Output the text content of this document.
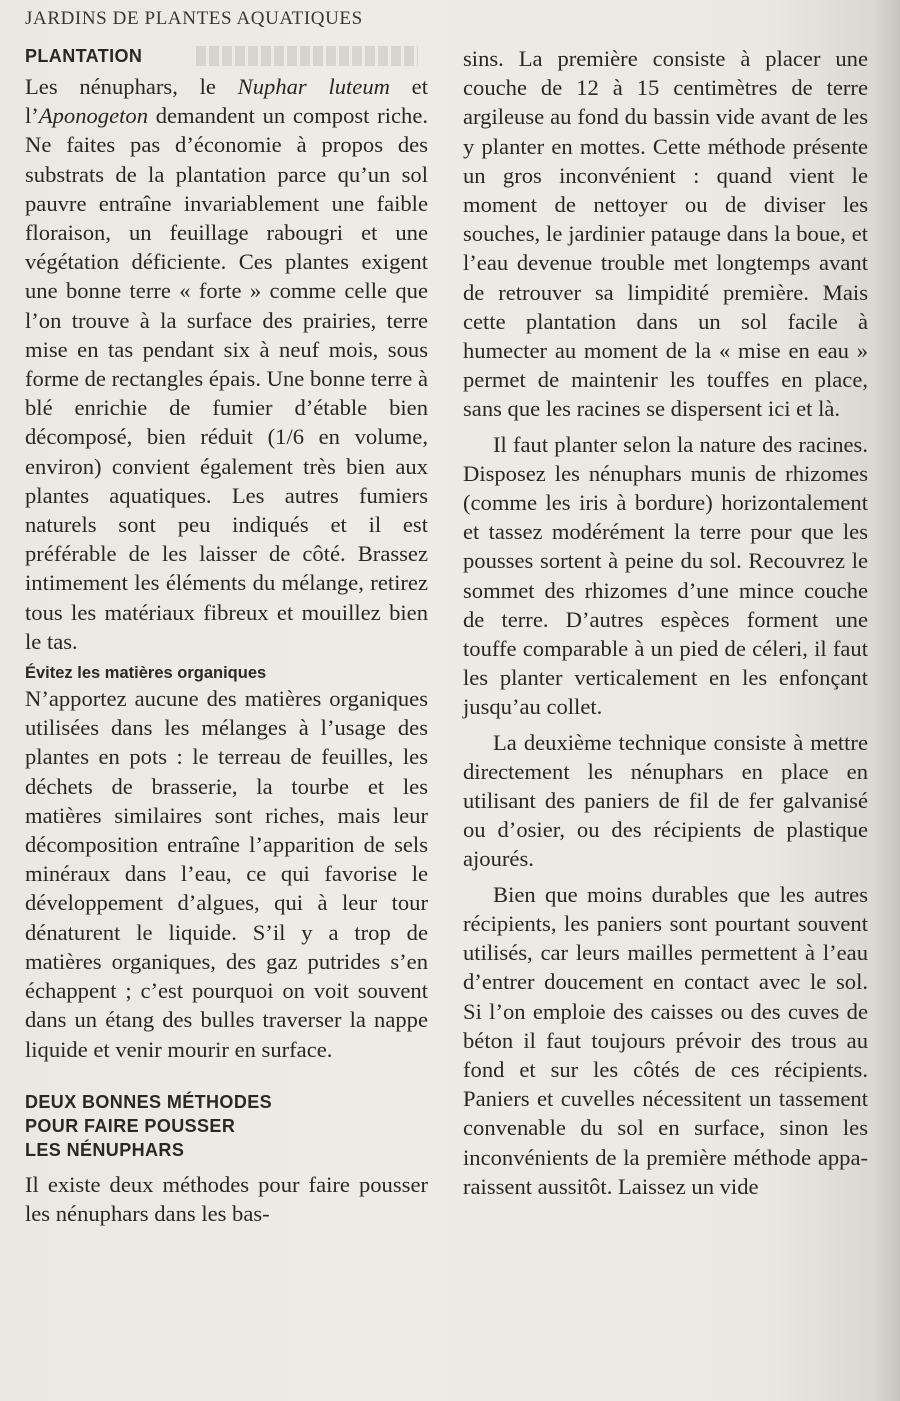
JARDINS DE PLANTES AQUATIQUES
PLANTATION

Les nénuphars, le Nuphar luteum et l’Aponogeton demandent un compost riche. Ne faites pas d’économie à propos des substrats de la plantation parce qu’un sol pauvre entraîne invariablement une faible floraison, un feuillage rabougri et une végétation déficiente. Ces plantes exigent une bonne terre « forte » comme celle que l’on trouve à la surface des prairies, terre mise en tas pendant six à neuf mois, sous forme de rectangles épais. Une bonne terre à blé enrichie de fumier d’étable bien décomposé, bien réduit (1/6 en volume, environ) convient également très bien aux plantes aquatiques. Les autres fumiers naturels sont peu indiqués et il est préférable de les laisser de côté. Brassez intimement les éléments du mélange, retirez tous les matériaux fibreux et mouillez bien le tas.

Évitez les matières organiques

N’apportez aucune des matières organiques utilisées dans les mélanges à l’usage des plantes en pots : le terreau de feuilles, les déchets de brasserie, la tourbe et les matières similaires sont riches, mais leur décomposition entraîne l’apparition de sels minéraux dans l’eau, ce qui favorise le développement d’algues, qui à leur tour dénaturent le liquide. S’il y a trop de matières organiques, des gaz putrides s’en échappent ; c’est pourquoi on voit souvent dans un étang des bulles traverser la nappe liquide et venir mourir en surface.

DEUX BONNES MÉTHODES
POUR FAIRE POUSSER
LES NÉNUPHARS

Il existe deux méthodes pour faire pousser les nénuphars dans les bas-

sins. La première consiste à placer une couche de 12 à 15 centimètres de terre argileuse au fond du bassin vide avant de les y planter en mottes. Cette méthode présente un gros inconvénient : quand vient le moment de nettoyer ou de diviser les souches, le jardinier patauge dans la boue, et l’eau devenue trouble met longtemps avant de retrouver sa limpidité première. Mais cette plantation dans un sol facile à humecter au moment de la « mise en eau » permet de maintenir les touffes en place, sans que les racines se dispersent ici et là.

Il faut planter selon la nature des racines. Disposez les nénuphars munis de rhizomes (comme les iris à bordure) horizontalement et tassez modérément la terre pour que les pousses sortent à peine du sol. Recouvrez le sommet des rhizomes d’une mince couche de terre. D’autres espèces forment une touffe comparable à un pied de céleri, il faut les planter verticalement en les enfonçant jusqu’au collet.

La deuxième technique consiste à mettre directement les nénuphars en place en utilisant des paniers de fil de fer galvanisé ou d’osier, ou des récipients de plastique ajourés.

Bien que moins durables que les autres récipients, les paniers sont pourtant souvent utilisés, car leurs mailles permettent à l’eau d’entrer doucement en contact avec le sol. Si l’on emploie des caisses ou des cuves de béton il faut toujours prévoir des trous au fond et sur les côtés de ces récipients. Paniers et cuvelles nécessitent un tassement convenable du sol en surface, sinon les inconvénients de la première méthode apparaissent aussitôt. Laissez un vide
